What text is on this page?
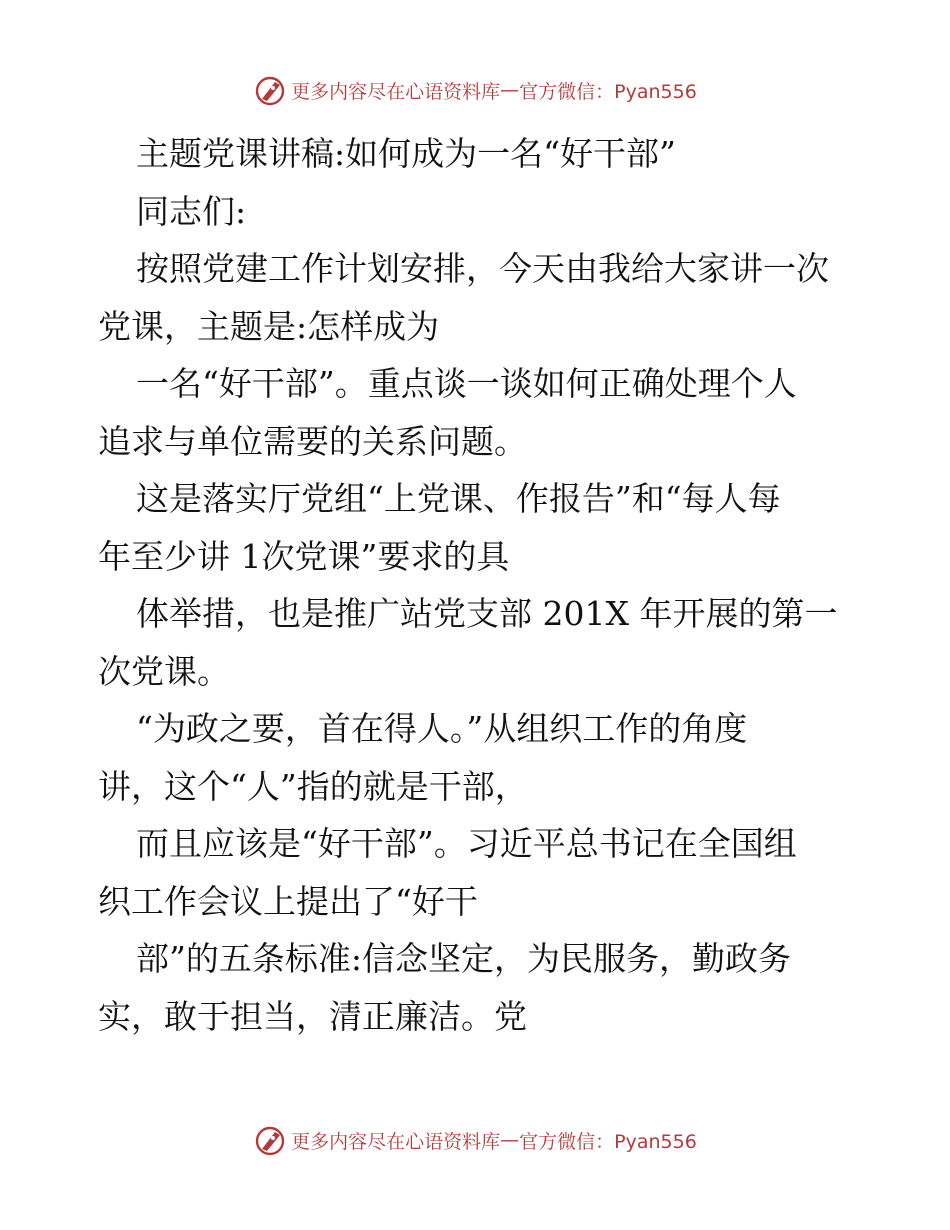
更多内容尽在心语资料库 — 官方微信：Pyan556

主题党课讲稿:如何成为一名“好干部”

同志们:

按照党建工作计划安排，今天由我给大家讲一次

党课，主题是:怎样成为

一名“好干部”。重点谈一谈如何正确处理个人

追求与单位需要的关系问题。

这是落实厅党组“上党课、作报告”和“每人每

年至少讲 1次党课”要求的具

体举措，也是推广站党支部 201X 年开展的第一

次党课。

“为政之要，首在得人。”从组织工作的角度

讲，这个“人”指的就是干部，

而且应该是“好干部”。习近平总书记在全国组

织工作会议上提出了“好干

部”的五条标准:信念坚定，为民服务，勤政务

实，敢于担当，清正廉洁。党

更多内容尽在心语资料库 — 官方微信：Pyan556
